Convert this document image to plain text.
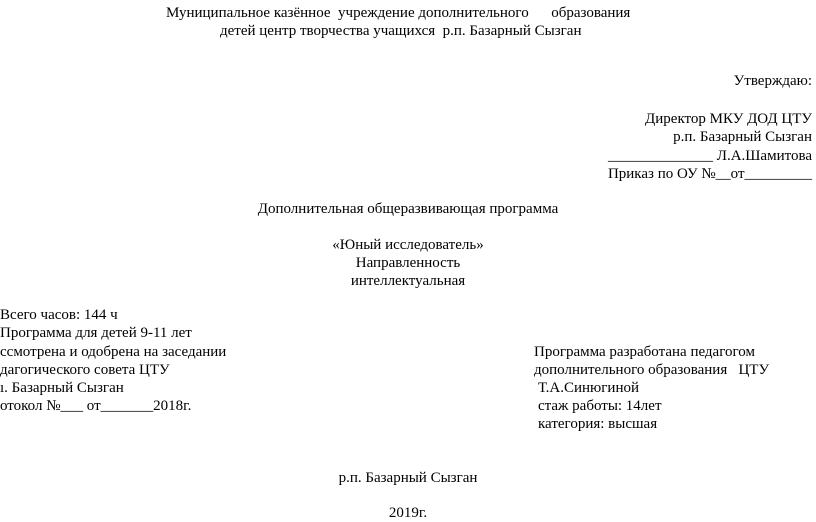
Муниципальное казённое  учреждение дополнительного      образования
детей центр творчества учащихся  р.п. Базарный Сызган
Утверждаю:
Директор МКУ ДОД ЦТУ
р.п. Базарный Сызган
______________ Л.А.Шамитова
Приказ по ОУ №__от_________
Дополнительная общеразвивающая программа
«Юный исследователь»
Направленность
интеллектуальная
Всего часов: 144 ч
Программа для детей 9-11 лет
ссмотрена и одобрена на заседании
дагогического совета ЦТУ
ı. Базарный Сызган
отокол №___ от_______2018г.
Программа разработана педагогом
дополнительного образования   ЦТУ
Т.А.Синюгиной
стаж работы: 14лет
категория: высшая
р.п. Базарный Сызган
2019г.
